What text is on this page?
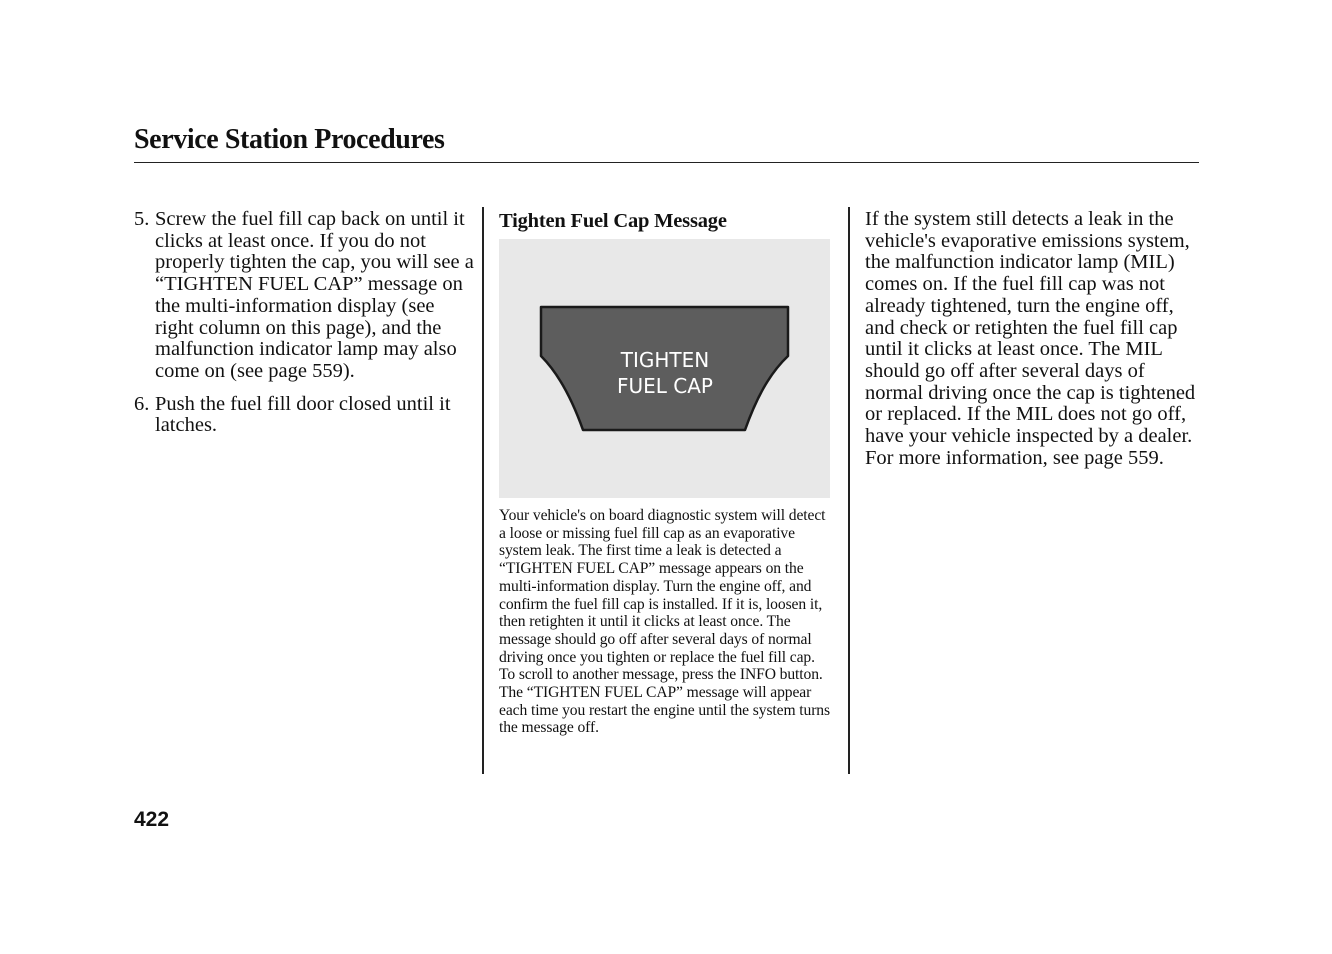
Service Station Procedures
5. Screw the fuel fill cap back on until it clicks at least once. If you do not properly tighten the cap, you will see a “TIGHTEN FUEL CAP” message on the multi-information display (see right column on this page), and the malfunction indicator lamp may also come on (see page 559).
6. Push the fuel fill door closed until it latches.
Tighten Fuel Cap Message
TIGHTEN
FUEL CAP
Your vehicle's on board diagnostic system will detect a loose or missing fuel fill cap as an evaporative system leak. The first time a leak is detected a “TIGHTEN FUEL CAP” message appears on the multi-information display. Turn the engine off, and confirm the fuel fill cap is installed. If it is, loosen it, then retighten it until it clicks at least once. The message should go off after several days of normal driving once you tighten or replace the fuel fill cap. To scroll to another message, press the INFO button. The “TIGHTEN FUEL CAP” message will appear each time you restart the engine until the system turns the message off.

If the system still detects a leak in the vehicle's evaporative emissions system, the malfunction indicator lamp (MIL) comes on. If the fuel fill cap was not already tightened, turn the engine off, and check or retighten the fuel fill cap until it clicks at least once. The MIL should go off after several days of normal driving once the cap is tightened or replaced. If the MIL does not go off, have your vehicle inspected by a dealer. For more information, see page 559.

422
